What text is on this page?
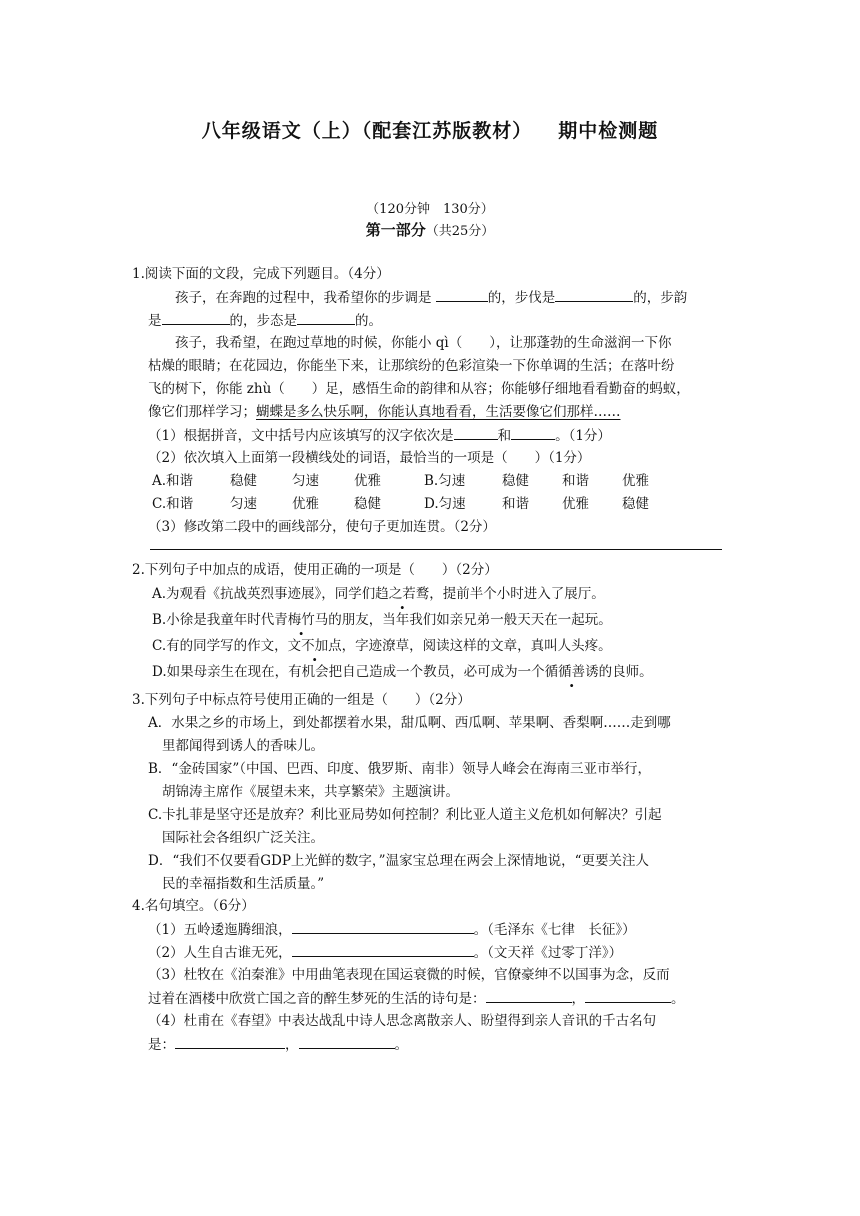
八年级语文（上）（配套江苏版教材） 期中检测题
（120分钟　130分）
第一部分（共25分）
1.阅读下面的文段，完成下列题目。（4分）
孩子，在奔跑的过程中，我希望你的步调是	的，步伐是	的，步韵
是	的，步态是	的。
孩子，我希望，在跑过草地的时候，你能小 qì（　　），让那蓬勃的生命滋润一下你
枯燥的眼睛；在花园边，你能坐下来，让那缤纷的色彩渲染一下你单调的生活；在落叶纷
飞的树下，你能 zhù（　　）足，感悟生命的韵律和从容；你能够仔细地看看勤奋的蚂蚁，
像它们那样学习；蝴蝶是多么快乐啊，你能认真地看看，生活要像它们那样……
（1）根据拼音，文中括号内应该填写的汉字依次是	和	。（1分）
（2）依次填入上面第一段横线处的词语，最恰当的一项是（　　）（1分）
A.和谐	稳健	匀速	优雅	B.匀速	稳健 和谐 优雅
C.和谐	匀速	优雅	稳健	D.匀速	和谐 优雅 稳健
（3）修改第二段中的画线部分，使句子更加连贯。（2分）
2.下列句子中加点的成语，使用正确的一项是（　　）（2分）
A.为观看《抗战英烈事迹展》，同学们趋之若鹜，提前半个小时进入了展厅。
B.小徐是我童年时代青梅竹马的朋友，当年我们如亲兄弟一般天天在一起玩。
C.有的同学写的作文，文不加点，字迹潦草，阅读这样的文章，真叫人头疼。
D.如果母亲生在现在，有机会把自己造成一个教员，必可成为一个循循善诱的良师。
3.下列句子中标点符号使用正确的一组是（　　）（2分）
A．水果之乡的市场上，到处都摆着水果，甜瓜啊、西瓜啊、苹果啊、香梨啊……走到哪
里都闻得到诱人的香味儿。
B．“金砖国家”（中国、巴西、印度、俄罗斯、南非）领导人峰会在海南三亚市举行，
胡锦涛主席作《展望未来，共享繁荣》主题演讲。
C.卡扎菲是坚守还是放弃？利比亚局势如何控制？利比亚人道主义危机如何解决？引起
国际社会各组织广泛关注。
D．“我们不仅要看GDP上光鲜的数字，”温家宝总理在两会上深情地说，“更要关注人
民的幸福指数和生活质量。”
4.名句填空。（6分）
（1）五岭逶迤腾细浪，	。（毛泽东《七律　长征》）
（2）人生自古谁无死，	。（文天祥《过零丁洋》）
（3）杜牧在《泊秦淮》中用曲笔表现在国运衰微的时候，官僚豪绅不以国事为念，反而
过着在酒楼中欣赏亡国之音的醉生梦死的生活的诗句是：	，	。
（4）杜甫在《春望》中表达战乱中诗人思念离散亲人、盼望得到亲人音讯的千古名句
是：	，	。
